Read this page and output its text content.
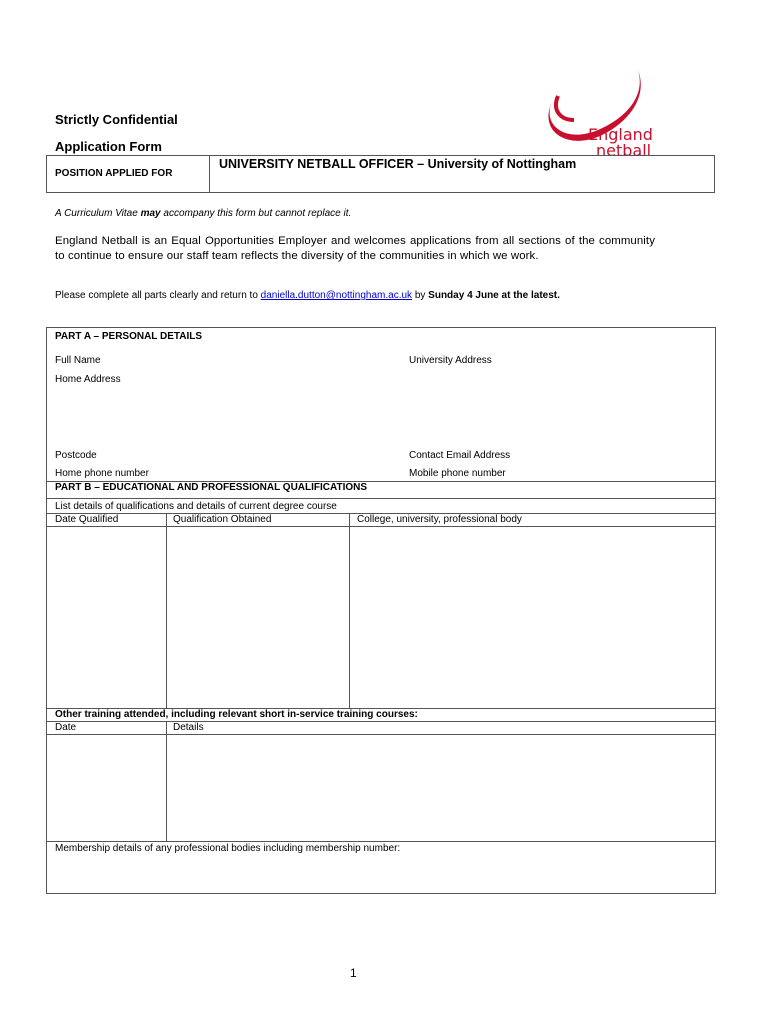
England
netball
Strictly Confidential
Application Form
POSITION APPLIED FOR
UNIVERSITY NETBALL OFFICER – University of Nottingham
A Curriculum Vitae may accompany this form but cannot replace it.
England Netball is an Equal Opportunities Employer and welcomes applications from all sections of the community to continue to ensure our staff team reflects the diversity of the communities in which we work.
Please complete all parts clearly and return to daniella.dutton@nottingham.ac.uk by Sunday 4 June at the latest.
PART A – PERSONAL DETAILS
Full Name	University Address
Home Address
Postcode	Contact Email Address
Home phone number	Mobile phone number
PART B – EDUCATIONAL AND PROFESSIONAL QUALIFICATIONS
List details of qualifications and details of current degree course
Date Qualified	Qualification Obtained	College, university, professional body
Other training attended, including relevant short in-service training courses:
Date	Details
Membership details of any professional bodies including membership number:
1
